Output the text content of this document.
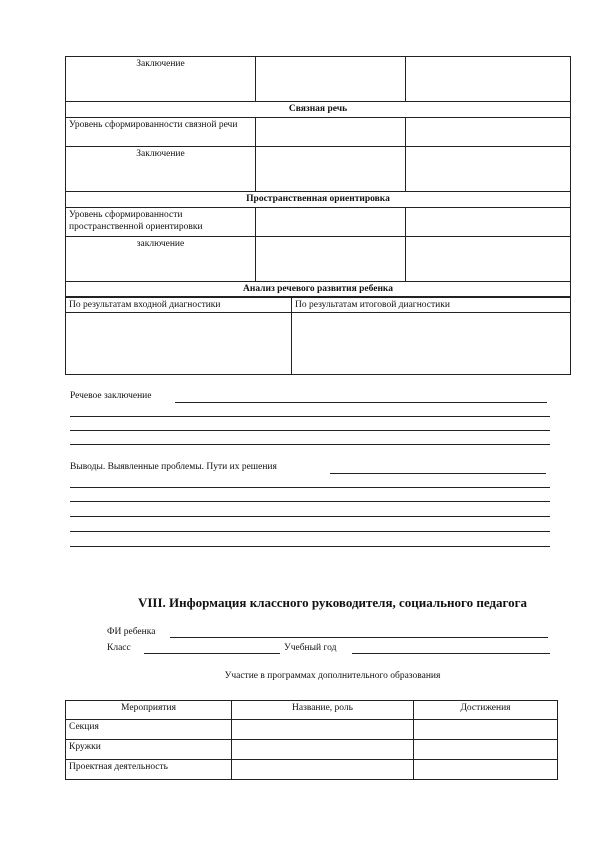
Заключение		
Связная речь		
Уровень сформированности связной речи		
Заключение		
Пространственная ориентировка		
Уровень сформированности пространственной ориентировки		
заключение		
Анализ речевого развития ребенка		
По результатам входной диагностики	По результатам итоговой диагностики

Речевое заключение
Выводы. Выявленные проблемы. Пути их решения
VIII. Информация классного руководителя, социального педагога
ФИ ребенка
Класс	Учебный год
Участие в программах дополнительного образования
Мероприятия	Название, роль	Достижения
Секция		
Кружки		
Проектная деятельность		
